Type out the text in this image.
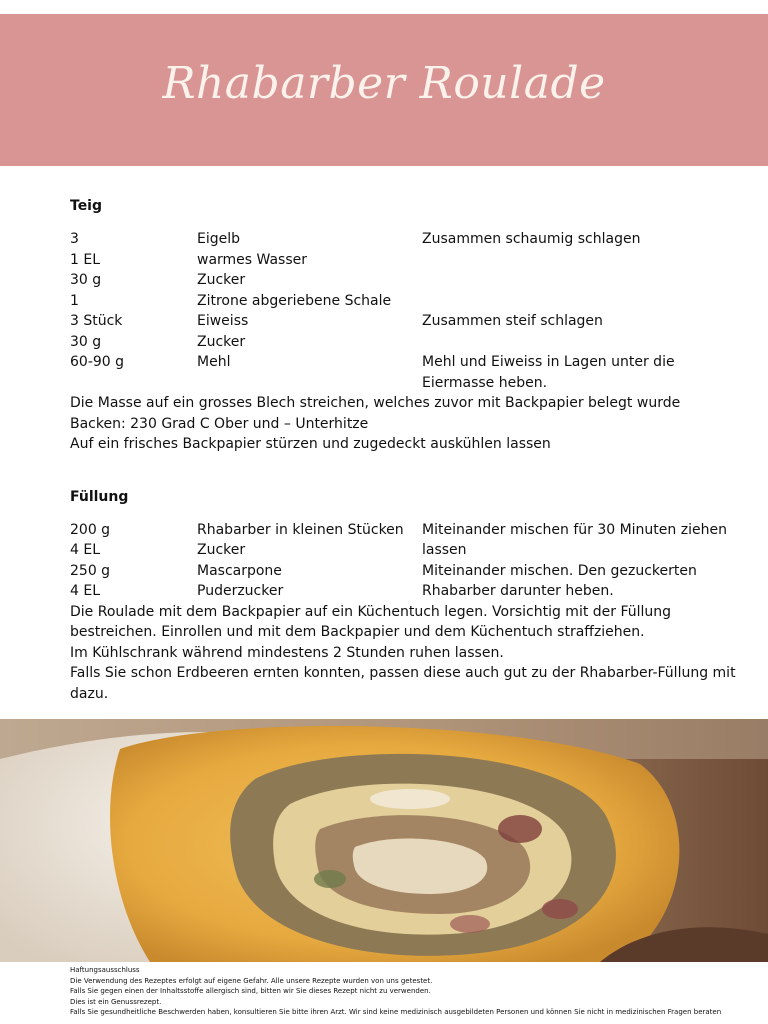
Rhabarber Roulade
Teig
3	Eigelb	Zusammen schaumig schlagen
1 EL	warmes Wasser
30 g	Zucker
1	Zitrone abgeriebene Schale
3 Stück	Eiweiss	Zusammen steif schlagen
30 g	Zucker
60-90 g	Mehl	Mehl und Eiweiss in Lagen unter die Eiermasse heben.
Die Masse auf ein grosses Blech streichen, welches zuvor mit Backpapier belegt wurde
Backen: 230 Grad C Ober und – Unterhitze
Auf ein frisches Backpapier stürzen und zugedeckt auskühlen lassen
Füllung
200 g	Rhabarber in kleinen Stücken	Miteinander mischen für 30 Minuten ziehen
4 EL	Zucker	lassen
250 g	Mascarpone	Miteinander mischen. Den gezuckerten
4 EL	Puderzucker	Rhabarber darunter heben.
Die Roulade mit dem Backpapier auf ein Küchentuch legen. Vorsichtig mit der Füllung bestreichen. Einrollen und mit dem Backpapier und dem Küchentuch straffziehen.
Im Kühlschrank während mindestens 2 Stunden ruhen lassen.
Falls Sie schon Erdbeeren ernten konnten, passen diese auch gut zu der Rhabarber-Füllung mit dazu.
Haftungsausschluss
Die Verwendung des Rezeptes erfolgt auf eigene Gefahr. Alle unsere Rezepte wurden von uns getestet.
Falls Sie gegen einen der Inhaltsstoffe allergisch sind, bitten wir Sie dieses Rezept nicht zu verwenden.
Dies ist ein Genussrezept.
Falls Sie gesundheitliche Beschwerden haben, konsultieren Sie bitte ihren Arzt. Wir sind keine medizinisch ausgebildeten Personen und können Sie nicht in medizinischen Fragen beraten
